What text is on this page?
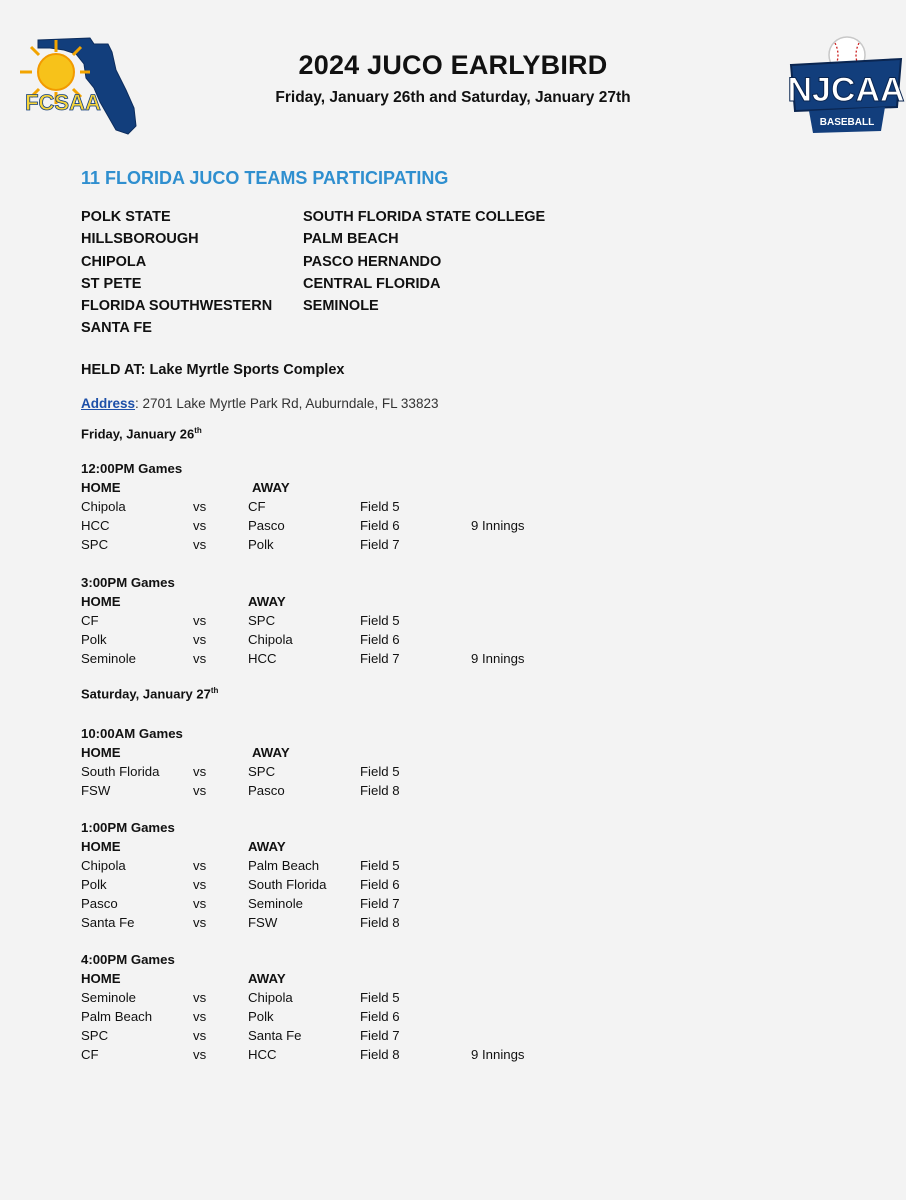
FCSAA	NJCAA
BASEBALL
2024 JUCO EARLYBIRD
Friday, January 26th and Saturday, January 27th
11 FLORIDA JUCO TEAMS PARTICIPATING
POLK STATE
HILLSBOROUGH
CHIPOLA
ST PETE
FLORIDA SOUTHWESTERN
SANTA FE
SOUTH FLORIDA STATE COLLEGE
PALM BEACH
PASCO HERNANDO
CENTRAL FLORIDA
SEMINOLE
HELD AT: Lake Myrtle Sports Complex
Address: 2701 Lake Myrtle Park Rd, Auburndale, FL 33823
Friday, January 26th
12:00PM Games
HOME	AWAY
Chipola	vs	CF	Field 5
HCC	vs	Pasco	Field 6	9 Innings
SPC	vs	Polk	Field 7
3:00PM Games
HOME	AWAY
CF	vs	SPC	Field 5
Polk	vs	Chipola	Field 6
Seminole	vs	HCC	Field 7	9 Innings
Saturday, January 27th
10:00AM Games
HOME	AWAY
South Florida	vs	SPC	Field 5
FSW	vs	Pasco	Field 8
1:00PM Games
HOME	AWAY
Chipola	vs	Palm Beach	Field 5
Polk	vs	South Florida	Field 6
Pasco	vs	Seminole	Field 7
Santa Fe	vs	FSW	Field 8
4:00PM Games
HOME	AWAY
Seminole	vs	Chipola	Field 5
Palm Beach	vs	Polk	Field 6
SPC	vs	Santa Fe	Field 7
CF	vs	HCC	Field 8	9 Innings
